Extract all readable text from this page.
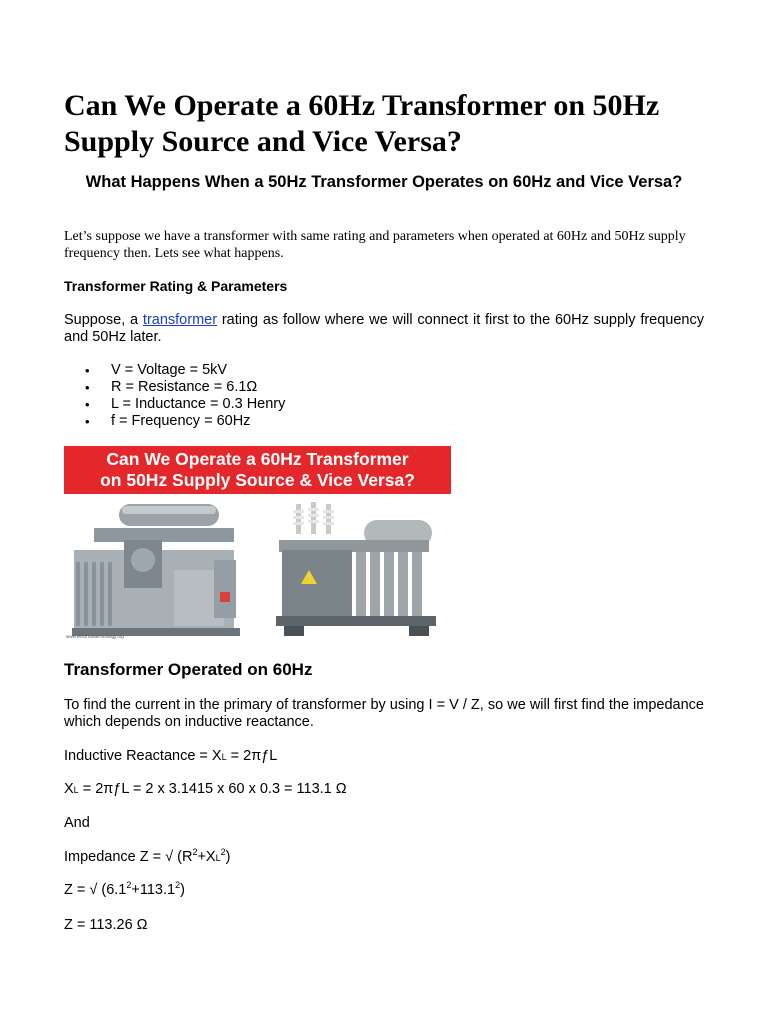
Can We Operate a 60Hz Transformer on 50Hz Supply Source and Vice Versa?
What Happens When a 50Hz Transformer Operates on 60Hz and Vice Versa?

Let’s suppose we have a transformer with same rating and parameters when operated at 60Hz and 50Hz supply frequency then. Lets see what happens.

Transformer Rating & Parameters

Suppose, a transformer rating as follow where we will connect it first to the 60Hz supply frequency and 50Hz later.

• V = Voltage = 5kV
• R = Resistance = 6.1Ω
• L = Inductance = 0.3 Henry
• f = Frequency = 60Hz
Can We Operate a 60Hz Transformer
on 50Hz Supply Source & Vice Versa?
www.electricaltechnology.org
Transformer Operated on 60Hz

To find the current in the primary of transformer by using I = V / Z, so we will first find the impedance which depends on inductive reactance.

Inductive Reactance = XL = 2πƒL

XL = 2πƒL = 2 x 3.1415 x 60 x 0.3 = 113.1 Ω

And

Impedance Z = √ $(R^2+XL^2)$

Z = √ $(6.1^2+113.1^2)$

Z = 113.26 Ω
